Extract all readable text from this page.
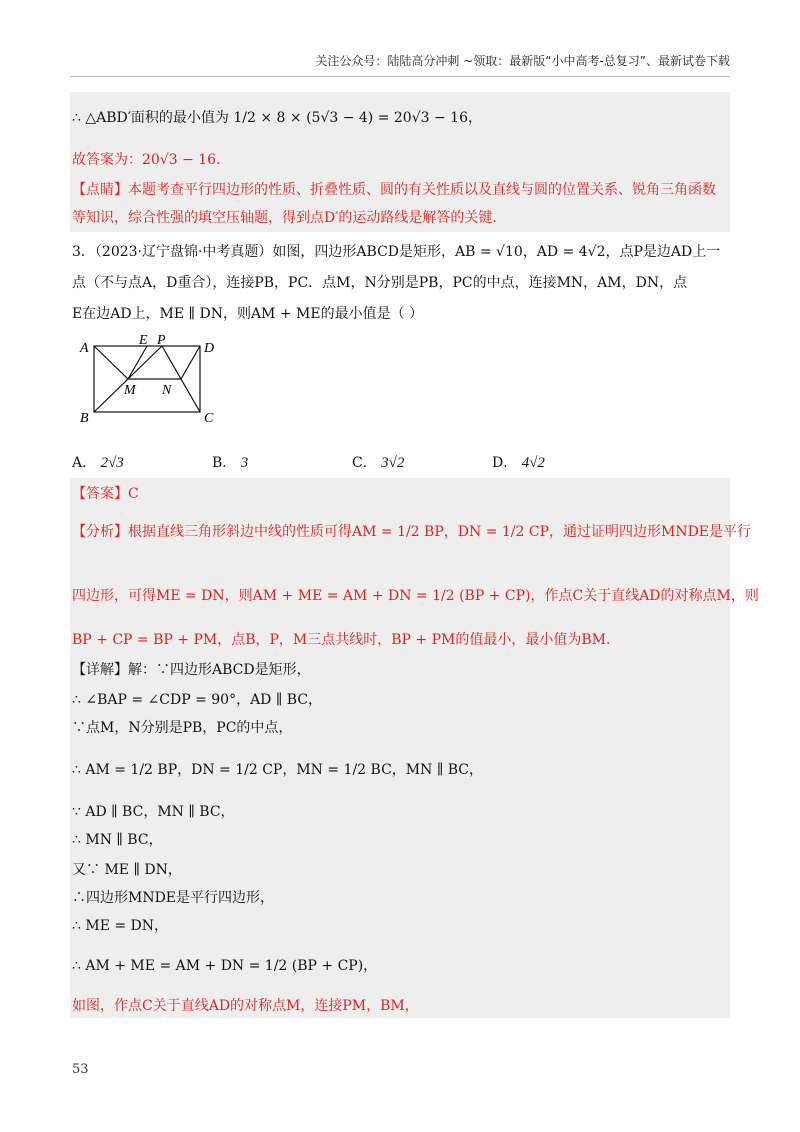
关注公众号：陆陆高分冲刺 ~领取：最新版“小中高考-总复习”、最新试卷下载
∴ △ABD′面积的最小值为 1/2 × 8 × (5√3 − 4) = 20√3 − 16，
故答案为：20√3 − 16．
【点睛】本题考查平行四边形的性质、折叠性质、圆的有关性质以及直线与圆的位置关系、锐角三角函数
等知识，综合性强的填空压轴题，得到点D′的运动路线是解答的关键．
3．（2023·辽宁盘锦·中考真题）如图，四边形ABCD是矩形，AB = √10，AD = 4√2，点P是边AD上一
点（不与点A，D重合），连接PB，PC．点M，N分别是PB，PC的中点，连接MN，AM，DN，点
E在边AD上，ME ∥ DN，则AM + ME的最小值是（ ）
A
B	C
D
E P
M N
A． 2√3	B． 3	C． 3√2	D． 4√2
【答案】C
【分析】根据直线三角形斜边中线的性质可得AM = 1/2 BP，DN = 1/2 CP，通过证明四边形MNDE是平行
四边形，可得ME = DN，则AM + ME = AM + DN = 1/2 (BP + CP)，作点C关于直线AD的对称点M，则
BP + CP = BP + PM，点B，P，M三点共线时，BP + PM的值最小，最小值为BM．
【详解】解：∵四边形ABCD是矩形，
∴ ∠BAP = ∠CDP = 90°，AD ∥ BC，
∵点M，N分别是PB，PC的中点，
∴ AM = 1/2 BP，DN = 1/2 CP，MN = 1/2 BC，MN ∥ BC，
∵ AD ∥ BC，MN ∥ BC，
∴ MN ∥ BC，
又∵ ME ∥ DN，
∴四边形MNDE是平行四边形，
∴ ME = DN，
∴ AM + ME = AM + DN = 1/2 (BP + CP)，
如图，作点C关于直线AD的对称点M，连接PM，BM，
53
